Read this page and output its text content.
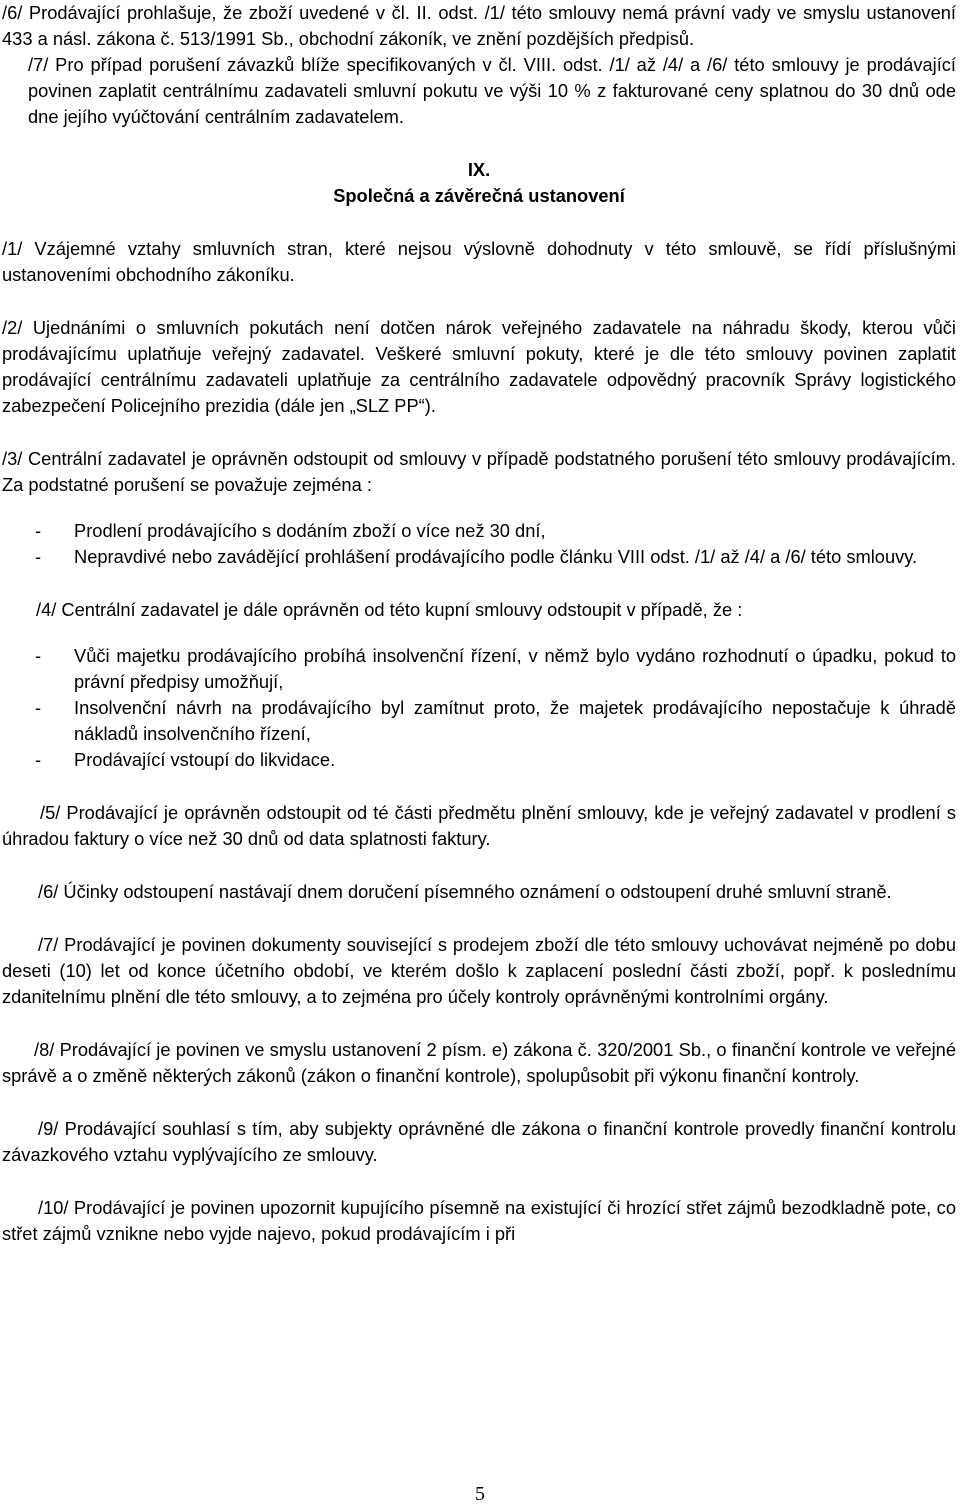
/6/ Prodávající prohlašuje, že zboží uvedené v čl. II. odst. /1/ této smlouvy nemá právní vady ve smyslu ustanovení 433 a násl. zákona č. 513/1991 Sb., obchodní zákoník, ve znění pozdějších předpisů.

/7/ Pro případ porušení závazků blíže specifikovaných v čl. VIII. odst. /1/ až /4/ a /6/ této smlouvy je prodávající povinen zaplatit centrálnímu zadavateli smluvní pokutu ve výši 10 % z fakturované ceny splatnou do 30 dnů ode dne jejího vyúčtování centrálním zadavatelem.

IX.
Společná a závěrečná ustanovení

/1/ Vzájemné vztahy smluvních stran, které nejsou výslovně dohodnuty v této smlouvě, se řídí příslušnými ustanoveními obchodního zákoníku.

/2/ Ujednáními o smluvních pokutách není dotčen nárok veřejného zadavatele na náhradu škody, kterou vůči prodávajícímu uplatňuje veřejný zadavatel. Veškeré smluvní pokuty, které je dle této smlouvy povinen zaplatit prodávající centrálnímu zadavateli uplatňuje za centrálního zadavatele odpovědný pracovník Správy logistického zabezpečení Policejního prezidia (dále jen „SLZ PP“).

/3/ Centrální zadavatel je oprávněn odstoupit od smlouvy v případě podstatného porušení této smlouvy prodávajícím. Za podstatné porušení se považuje zejména :

- Prodlení prodávajícího s dodáním zboží o více než 30 dní,
- Nepravdivé nebo zavádějící prohlášení prodávajícího podle článku VIII odst. /1/ až /4/ a /6/ této smlouvy.

/4/ Centrální zadavatel je dále oprávněn od této kupní smlouvy odstoupit v případě, že :

- Vůči majetku prodávajícího probíhá insolvenční řízení, v němž bylo vydáno rozhodnutí o úpadku, pokud to právní předpisy umožňují,
- Insolvenční návrh na prodávajícího byl zamítnut proto, že majetek prodávajícího nepostačuje k úhradě nákladů insolvenčního řízení,
- Prodávající vstoupí do likvidace.

/5/ Prodávající je oprávněn odstoupit od té části předmětu plnění smlouvy, kde je veřejný zadavatel v prodlení s úhradou faktury o více než 30 dnů od data splatnosti faktury.

/6/ Účinky odstoupení nastávají dnem doručení písemného oznámení o odstoupení druhé smluvní straně.

/7/ Prodávající je povinen dokumenty související s prodejem zboží dle této smlouvy uchovávat nejméně po dobu deseti (10) let od konce účetního období, ve kterém došlo k zaplacení poslední části zboží, popř. k poslednímu zdanitelnímu plnění dle této smlouvy, a to zejména pro účely kontroly oprávněnými kontrolními orgány.

/8/ Prodávající je povinen ve smyslu ustanovení 2 písm. e) zákona č. 320/2001 Sb., o finanční kontrole ve veřejné správě a o změně některých zákonů (zákon o finanční kontrole), spolupůsobit při výkonu finanční kontroly.

/9/ Prodávající souhlasí s tím, aby subjekty oprávněné dle zákona o finanční kontrole provedly finanční kontrolu závazkového vztahu vyplývajícího ze smlouvy.

/10/ Prodávající je povinen upozornit kupujícího písemně na existující či hrozící střet zájmů bezodkladně pote, co střet zájmů vznikne nebo vyjde najevo, pokud prodávajícím i při

5
